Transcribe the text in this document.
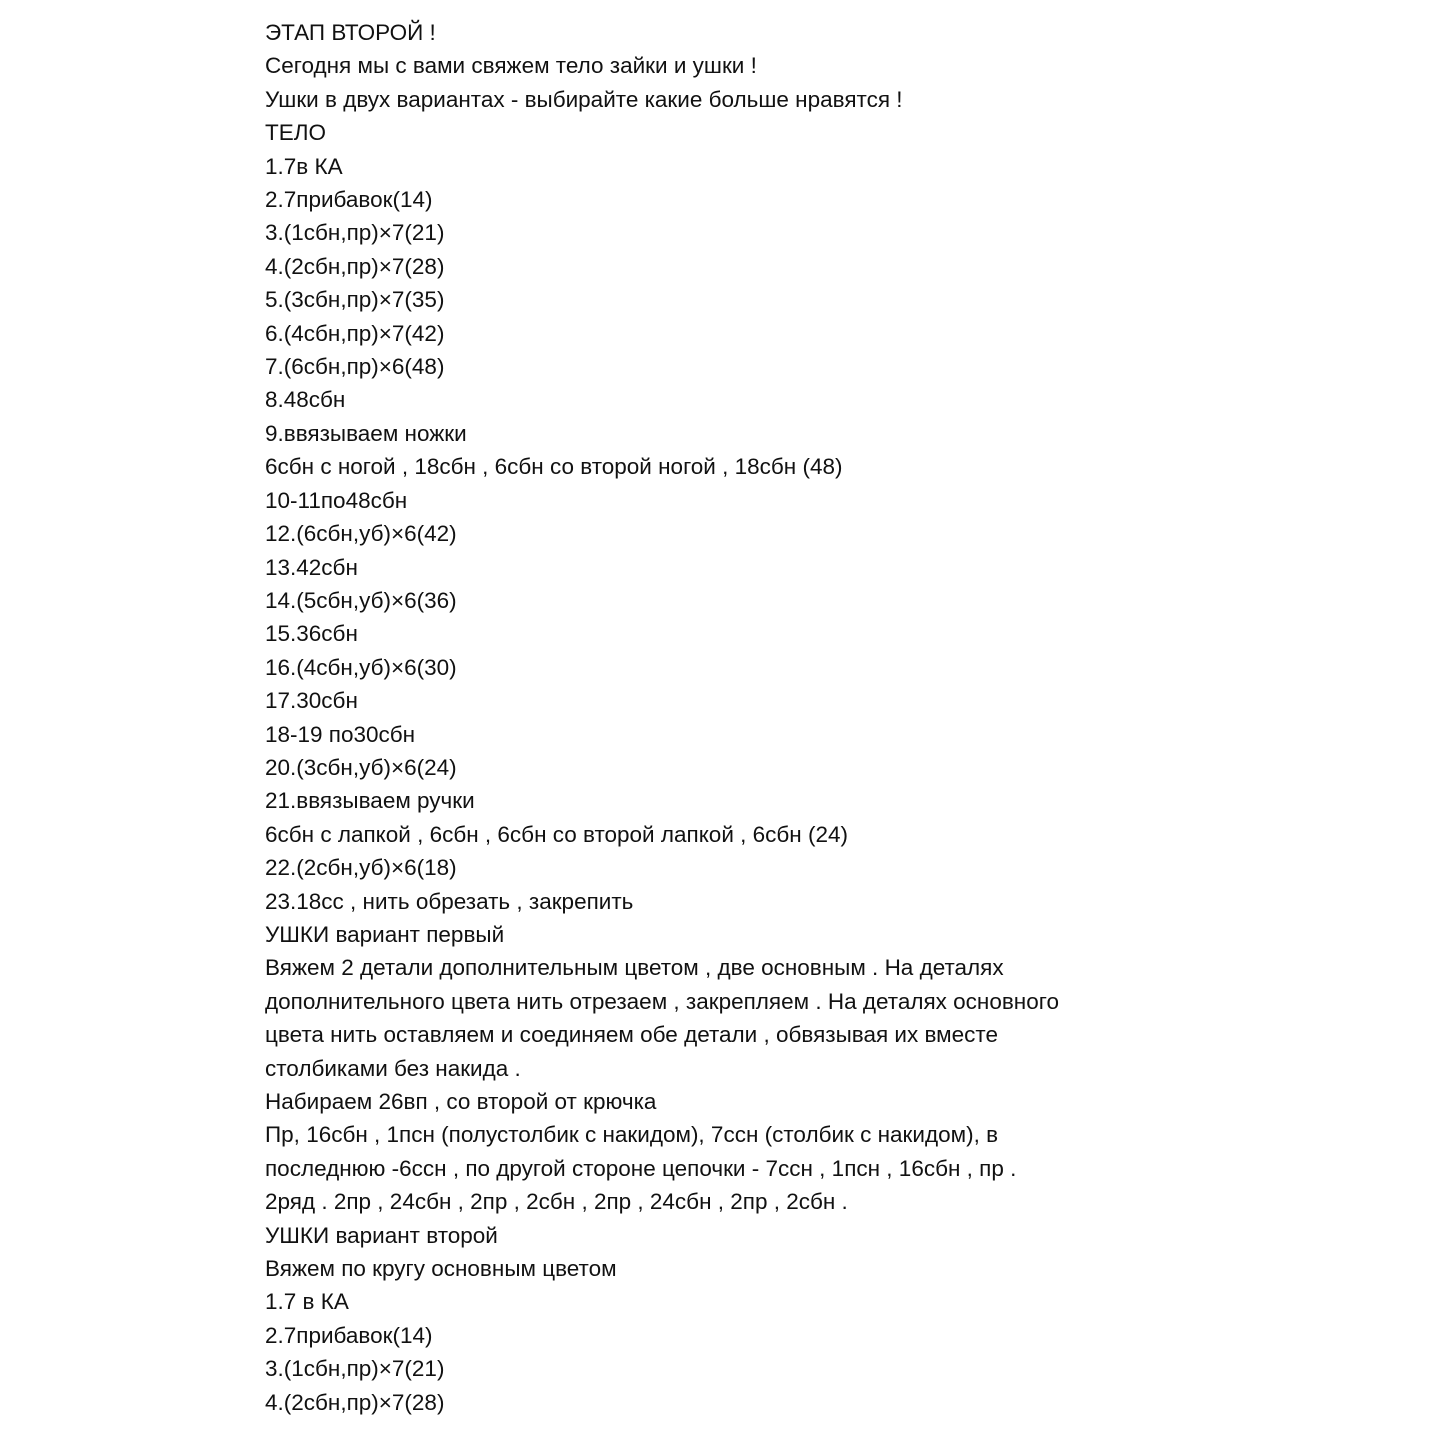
ЭТАП ВТОРОЙ !

Сегодня мы с вами свяжем тело зайки и ушки !

Ушки в двух вариантах - выбирайте какие больше нравятся !

ТЕЛО

1.7в КА

2.7прибавок(14)

3.(1сбн,пр)×7(21)

4.(2сбн,пр)×7(28)

5.(3сбн,пр)×7(35)

6.(4сбн,пр)×7(42)

7.(6сбн,пр)×6(48)

8.48сбн

9.ввязываем ножки

6сбн с ногой , 18сбн , 6сбн со второй ногой , 18сбн (48)

10-11по48сбн

12.(6сбн,уб)×6(42)

13.42сбн

14.(5сбн,уб)×6(36)

15.36сбн

16.(4сбн,уб)×6(30)

17.30сбн

18-19 по30сбн

20.(3сбн,уб)×6(24)

21.ввязываем ручки

6сбн с лапкой , 6сбн , 6сбн со второй лапкой , 6сбн (24)

22.(2сбн,уб)×6(18)

23.18сс , нить обрезать , закрепить

УШКИ вариант первый

Вяжем 2 детали дополнительным цветом , две основным . На деталях

дополнительного цвета нить отрезаем , закрепляем . На деталях основного

цвета нить оставляем и соединяем обе детали , обвязывая их вместе

столбиками без накида .

Набираем 26вп , со второй от крючка

Пр, 16сбн , 1псн (полустолбик с накидом), 7ссн (столбик с накидом), в

последнюю -6ссн , по другой стороне цепочки - 7ссн , 1псн , 16сбн , пр .

2ряд . 2пр , 24сбн , 2пр , 2сбн , 2пр , 24сбн , 2пр , 2сбн .

УШКИ вариант второй

Вяжем по кругу основным цветом

1.7 в КА

2.7прибавок(14)

3.(1сбн,пр)×7(21)

4.(2сбн,пр)×7(28)
